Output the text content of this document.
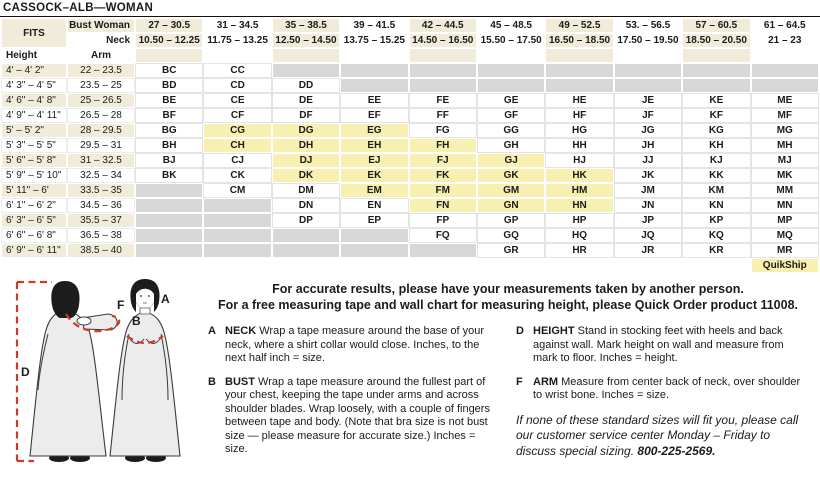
CASSOCK–ALB—WOMAN
FITS	Bust Woman	27 – 30.5	31 – 34.5	35 – 38.5	39 – 41.5	42 – 44.5	45 – 48.5	49 – 52.5	53. – 56.5	57 – 60.5	61 – 64.5
	Neck	10.50 – 12.25	11.75 – 13.25	12.50 – 14.50	13.75 – 15.25	14.50 – 16.50	15.50 – 17.50	16.50 – 18.50	17.50 – 19.50	18.50 – 20.50	21 – 23
Height	Arm										
4' – 4' 2"	22 – 23.5	BC	CC								
4' 3" – 4' 5"	23.5 – 25	BD	CD	DD							
4' 6" – 4' 8"	25 – 26.5	BE	CE	DE	EE	FE	GE	HE	JE	KE	ME
4' 9" – 4' 11"	26.5 – 28	BF	CF	DF	EF	FF	GF	HF	JF	KF	MF
5' – 5' 2"	28 – 29.5	BG	CG	DG	EG	FG	GG	HG	JG	KG	MG
5' 3" – 5' 5"	29.5 – 31	BH	CH	DH	EH	FH	GH	HH	JH	KH	MH
5' 6" – 5' 8"	31 – 32.5	BJ	CJ	DJ	EJ	FJ	GJ	HJ	JJ	KJ	MJ
5' 9" – 5' 10"	32.5 – 34	BK	CK	DK	EK	FK	GK	HK	JK	KK	MK
5' 11" – 6'	33.5 – 35		CM	DM	EM	FM	GM	HM	JM	KM	MM
6' 1" – 6' 2"	34.5 – 36			DN	EN	FN	GN	HN	JN	KN	MN
6' 3" – 6' 5"	35.5 – 37			DP	EP	FP	GP	HP	JP	KP	MP
6' 6" – 6' 8"	36.5 – 38					FQ	GQ	HQ	JQ	KQ	MQ
6' 9" – 6' 11"	38.5 – 40						GR	HR	JR	KR	MR
											QuikShip
D
F	A
B
For accurate results, please have your measurements taken by another person.
For a free measuring tape and wall chart for measuring height, please Quick Order product 11008.
A NECK Wrap a tape measure around the base of your neck, where a shirt collar would close. Inches, to the next half inch = size.

B BUST Wrap a tape measure around the fullest part of your chest, keeping the tape under arms and across shoulder blades. Wrap loosely, with a couple of fingers between tape and body. (Note that bra size is not bust size — please measure for accurate size.) Inches = size.

D HEIGHT Stand in stocking feet with heels and back against wall. Mark height on wall and measure from mark to floor. Inches = height.

F ARM Measure from center back of neck, over shoulder to wrist bone. Inches = size.

If none of these standard sizes will fit you, please call our customer service center Monday – Friday to discuss special sizing. 800-225-2569.
